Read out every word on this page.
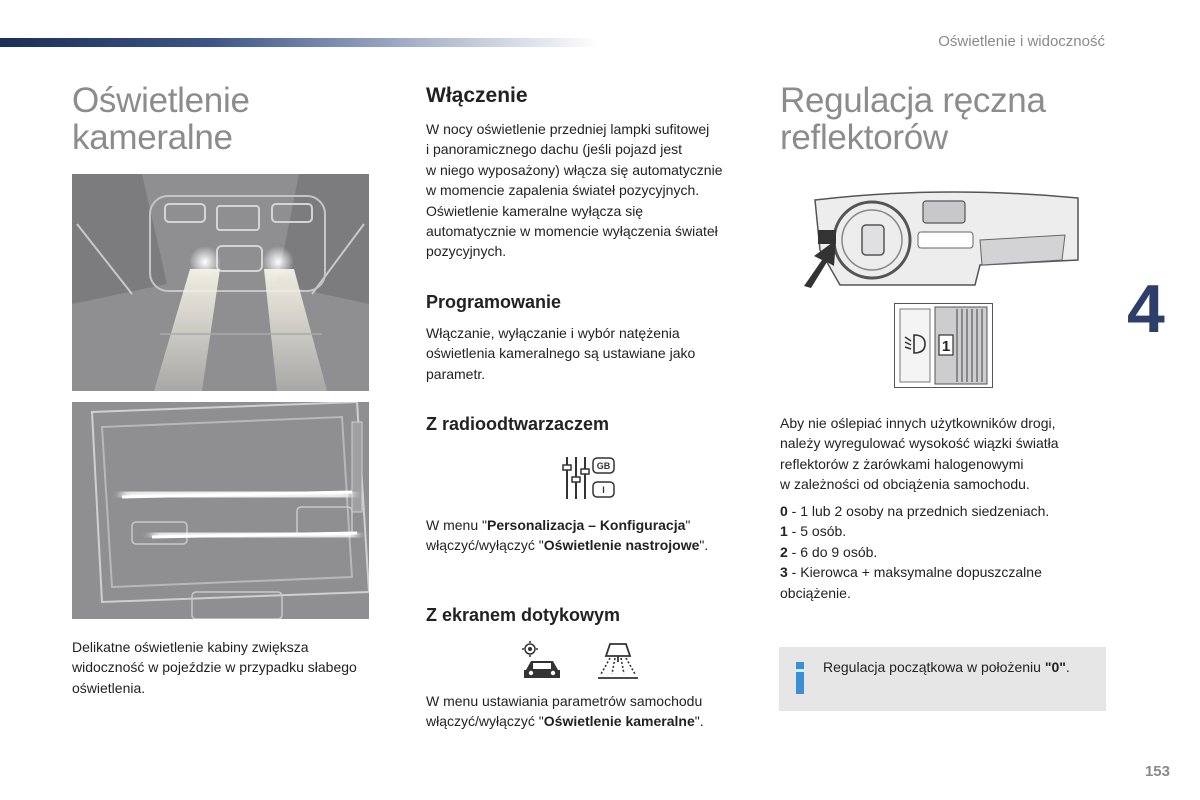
Oświetlenie i widoczność
Oświetlenie
kameralne
Delikatne oświetlenie kabiny zwiększa
widoczność w pojeździe w przypadku słabego
oświetlenia.
Włączenie
W nocy oświetlenie przedniej lampki sufitowej
i panoramicznego dachu (jeśli pojazd jest
w niego wyposażony) włącza się automatycznie
w momencie zapalenia świateł pozycyjnych.
Oświetlenie kameralne wyłącza się
automatycznie w momencie wyłączenia świateł
pozycyjnych.
Programowanie
Włączanie, wyłączanie i wybór natężenia
oświetlenia kameralnego są ustawiane jako
parametr.
Z radioodtwarzaczem
GB
I
W menu "Personalizacja – Konfiguracja"
włączyć/wyłączyć "Oświetlenie nastrojowe".
Z ekranem dotykowym
W menu ustawiania parametrów samochodu
włączyć/wyłączyć "Oświetlenie kameralne".
Regulacja ręczna
reflektorów
1	4
Aby nie oślepiać innych użytkowników drogi,
należy wyregulować wysokość wiązki światła
reflektorów z żarówkami halogenowymi
w zależności od obciążenia samochodu.
0 - 1 lub 2 osoby na przednich siedzeniach.
1 - 5 osób.
2 - 6 do 9 osób.
3 - Kierowca + maksymalne dopuszczalne
obciążenie.
Regulacja początkowa w położeniu "0".
153
